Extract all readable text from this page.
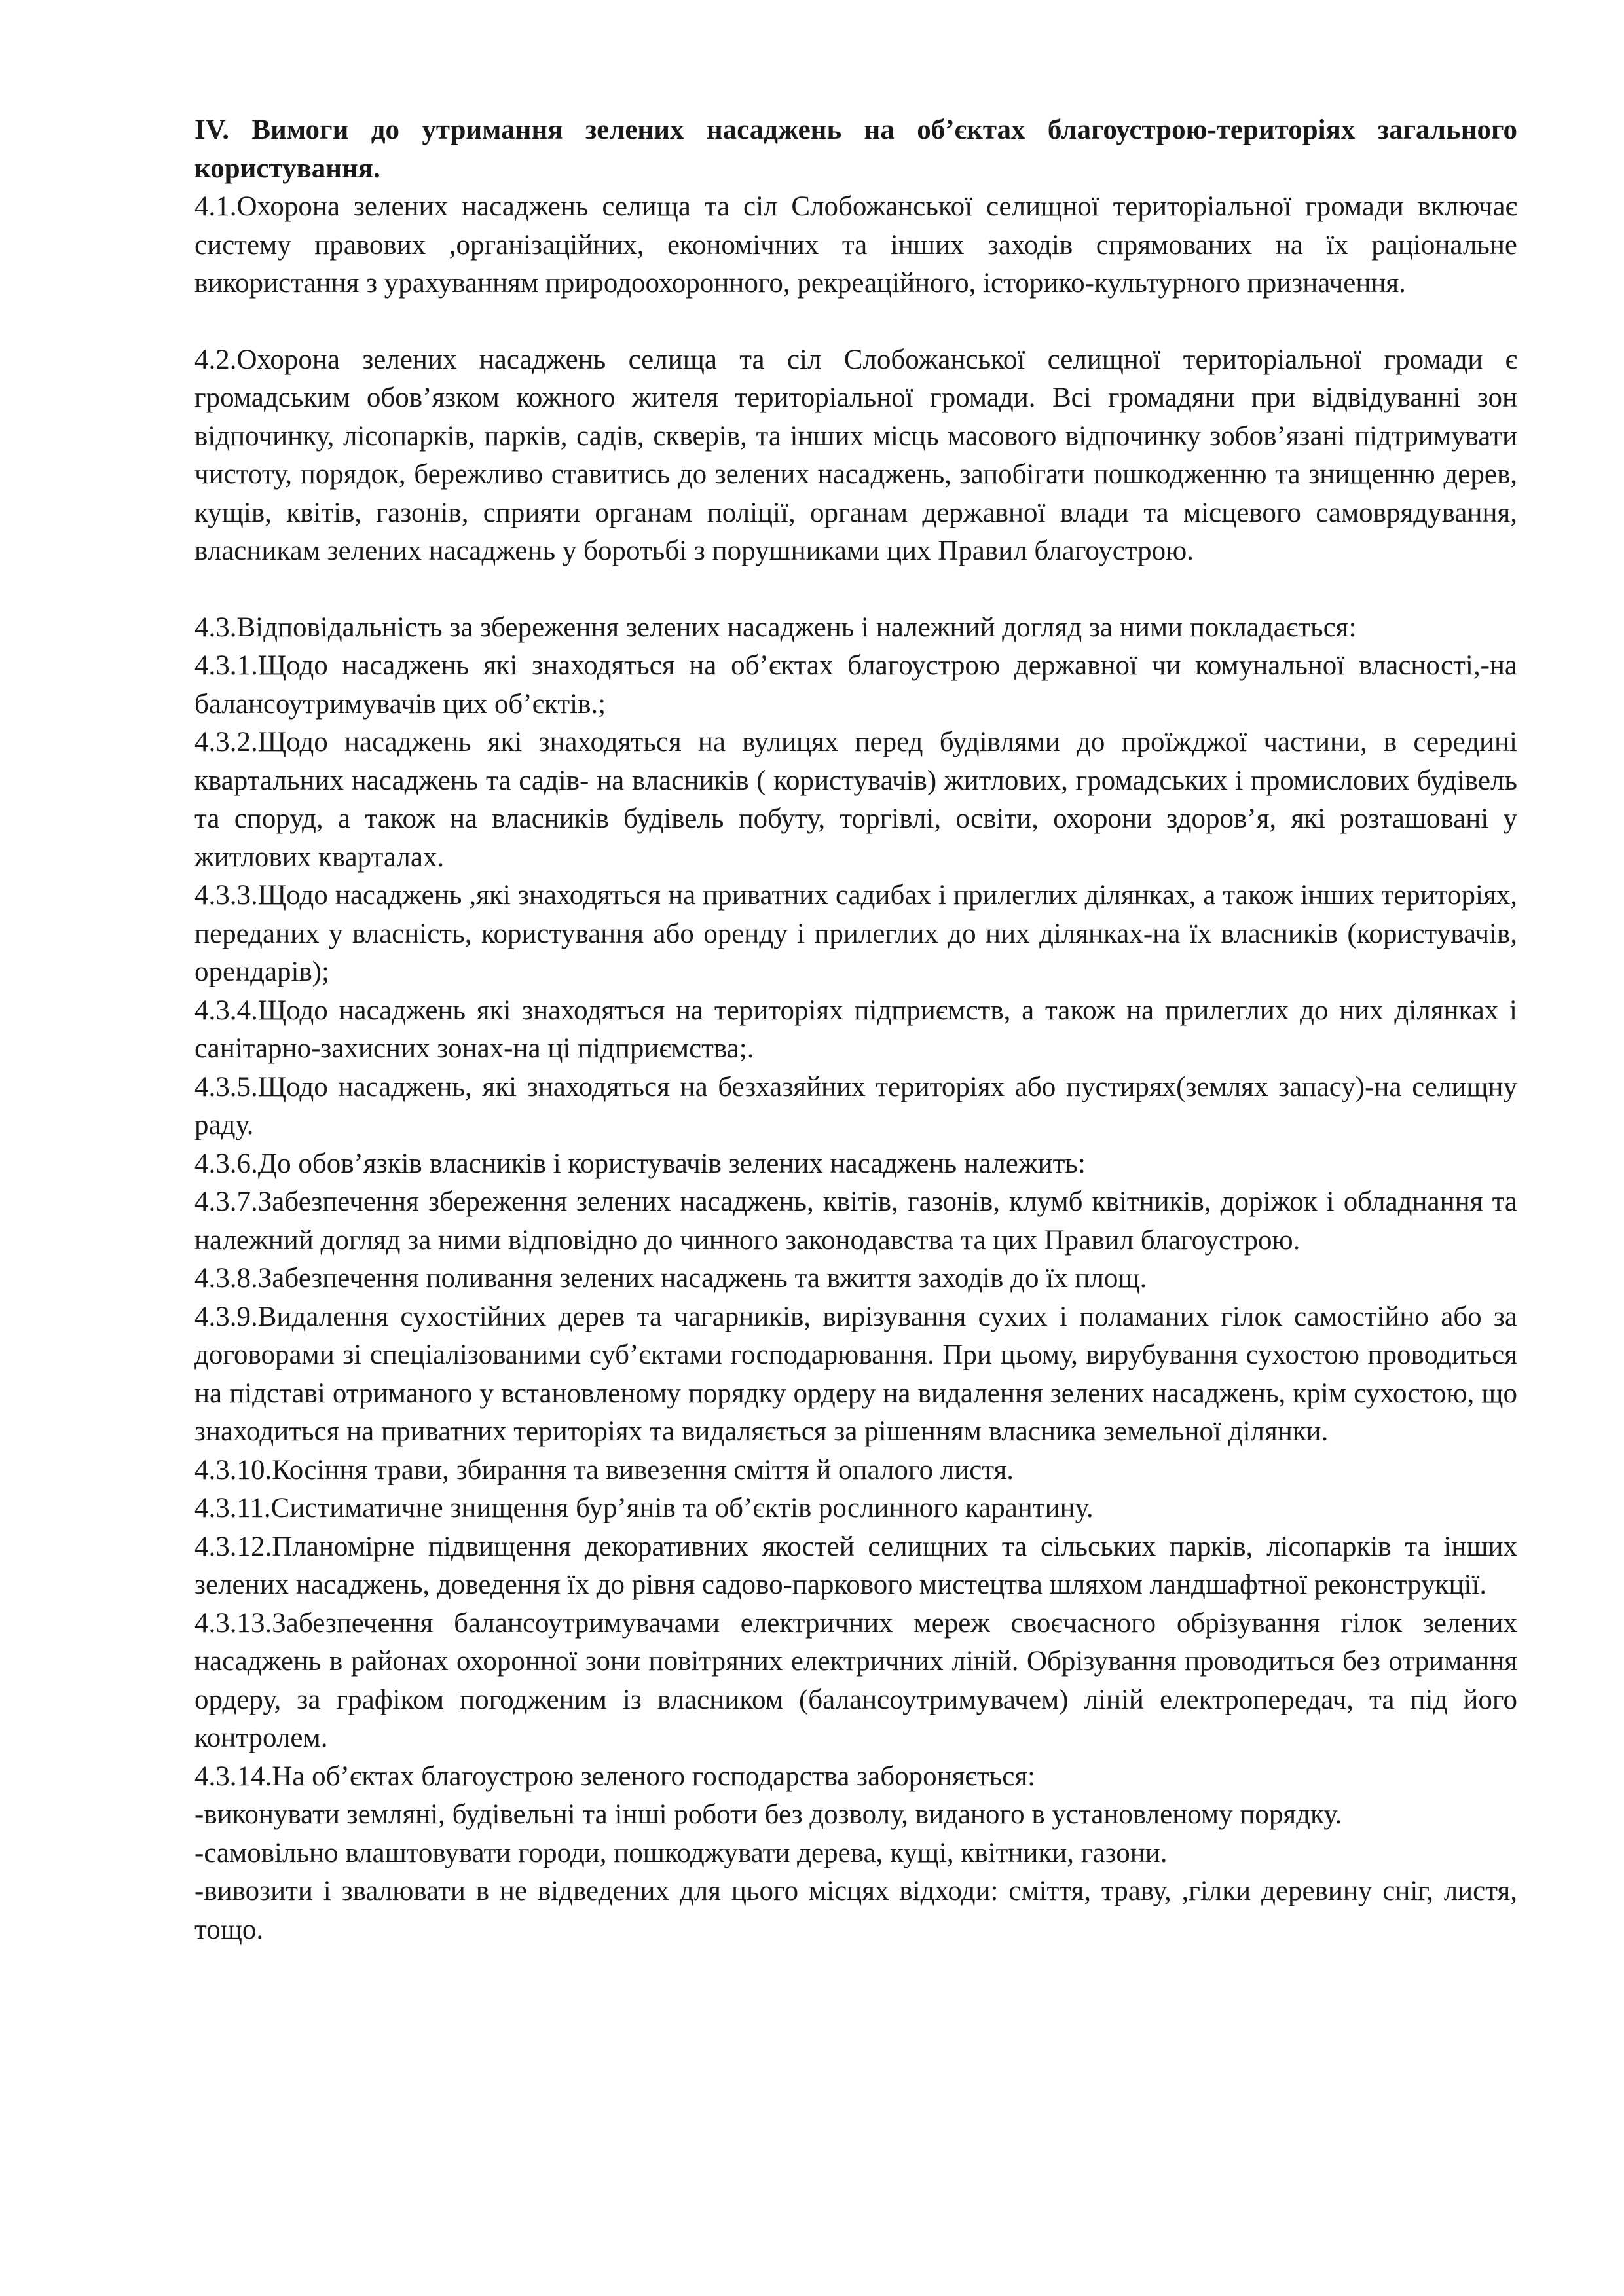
IV. Вимоги до утримання зелених насаджень на об’єктах благоустрою-територіях загального користування.

4.1.Охорона зелених насаджень селища та сіл Слобожанської селищної територіальної громади включає систему правових ,організаційних, економічних та інших заходів спрямованих на їх раціональне використання з урахуванням природоохоронного, рекреаційного, історико-культурного призначення.

4.2.Охорона зелених насаджень селища та сіл Слобожанської селищної територіальної громади є громадським обов’язком кожного жителя територіальної громади. Всі громадяни при відвідуванні зон відпочинку, лісопарків, парків, садів, скверів, та інших місць масового відпочинку зобов’язані підтримувати чистоту, порядок, бережливо ставитись до зелених насаджень, запобігати пошкодженню та знищенню дерев, кущів, квітів, газонів, сприяти органам поліції, органам державної влади та місцевого самоврядування, власникам зелених насаджень у боротьбі з порушниками цих Правил благоустрою.

4.3.Відповідальність за збереження зелених насаджень і належний догляд за ними покладається:

4.3.1.Щодо насаджень які знаходяться на об’єктах благоустрою державної чи комунальної власності,-на балансоутримувачів цих об’єктів.;

4.3.2.Щодо насаджень які знаходяться на вулицях перед будівлями до проїжджої частини, в середині квартальних насаджень та садів- на власників ( користувачів) житлових, громадських і промислових будівель та споруд, а також на власників будівель побуту, торгівлі, освіти, охорони здоров’я, які розташовані у житлових кварталах.

4.3.3.Щодо насаджень ,які знаходяться на приватних садибах і прилеглих ділянках, а також інших територіях, переданих у власність, користування або оренду і прилеглих до них ділянках-на їх власників (користувачів, орендарів);

4.3.4.Щодо насаджень які знаходяться на територіях підприємств, а також на прилеглих до них ділянках і санітарно-захисних зонах-на ці підприємства;.

4.3.5.Щодо насаджень, які знаходяться на безхазяйних територіях або пустирях(землях запасу)-на селищну раду.

4.3.6.До обов’язків власників і користувачів зелених насаджень належить:

4.3.7.Забезпечення збереження зелених насаджень, квітів, газонів, клумб квітників, доріжок і обладнання та належний догляд за ними відповідно до чинного законодавства та цих Правил благоустрою.

4.3.8.Забезпечення поливання зелених насаджень та вжиття заходів до їх площ.

4.3.9.Видалення сухостійних дерев та чагарників, вирізування сухих і поламаних гілок самостійно або за договорами зі спеціалізованими суб’єктами господарювання. При цьому, вирубування сухостою проводиться на підставі отриманого у встановленому порядку ордеру на видалення зелених насаджень, крім сухостою, що знаходиться на приватних територіях та видаляється за рішенням власника земельної ділянки.

4.3.10.Косіння трави, збирання та вивезення сміття й опалого листя.

4.3.11.Систиматичне знищення бур’янів та об’єктів рослинного карантину.

4.3.12.Планомірне підвищення декоративних якостей селищних та сільських парків, лісопарків та інших зелених насаджень, доведення їх до рівня садово-паркового мистецтва шляхом ландшафтної реконструкції.

4.3.13.Забезпечення балансоутримувачами електричних мереж своєчасного обрізування гілок зелених насаджень в районах охоронної зони повітряних електричних ліній. Обрізування проводиться без отримання ордеру, за графіком погодженим із власником (балансоутримувачем) ліній електропередач, та під його контролем.

4.3.14.На об’єктах благоустрою зеленого господарства забороняється:

-виконувати земляні, будівельні та інші роботи без дозволу, виданого в установленому порядку.

-самовільно влаштовувати городи, пошкоджувати дерева, кущі, квітники, газони.

-вивозити і звалювати в не відведених для цього місцях відходи: сміття, траву, ,гілки деревину сніг, листя, тощо.
